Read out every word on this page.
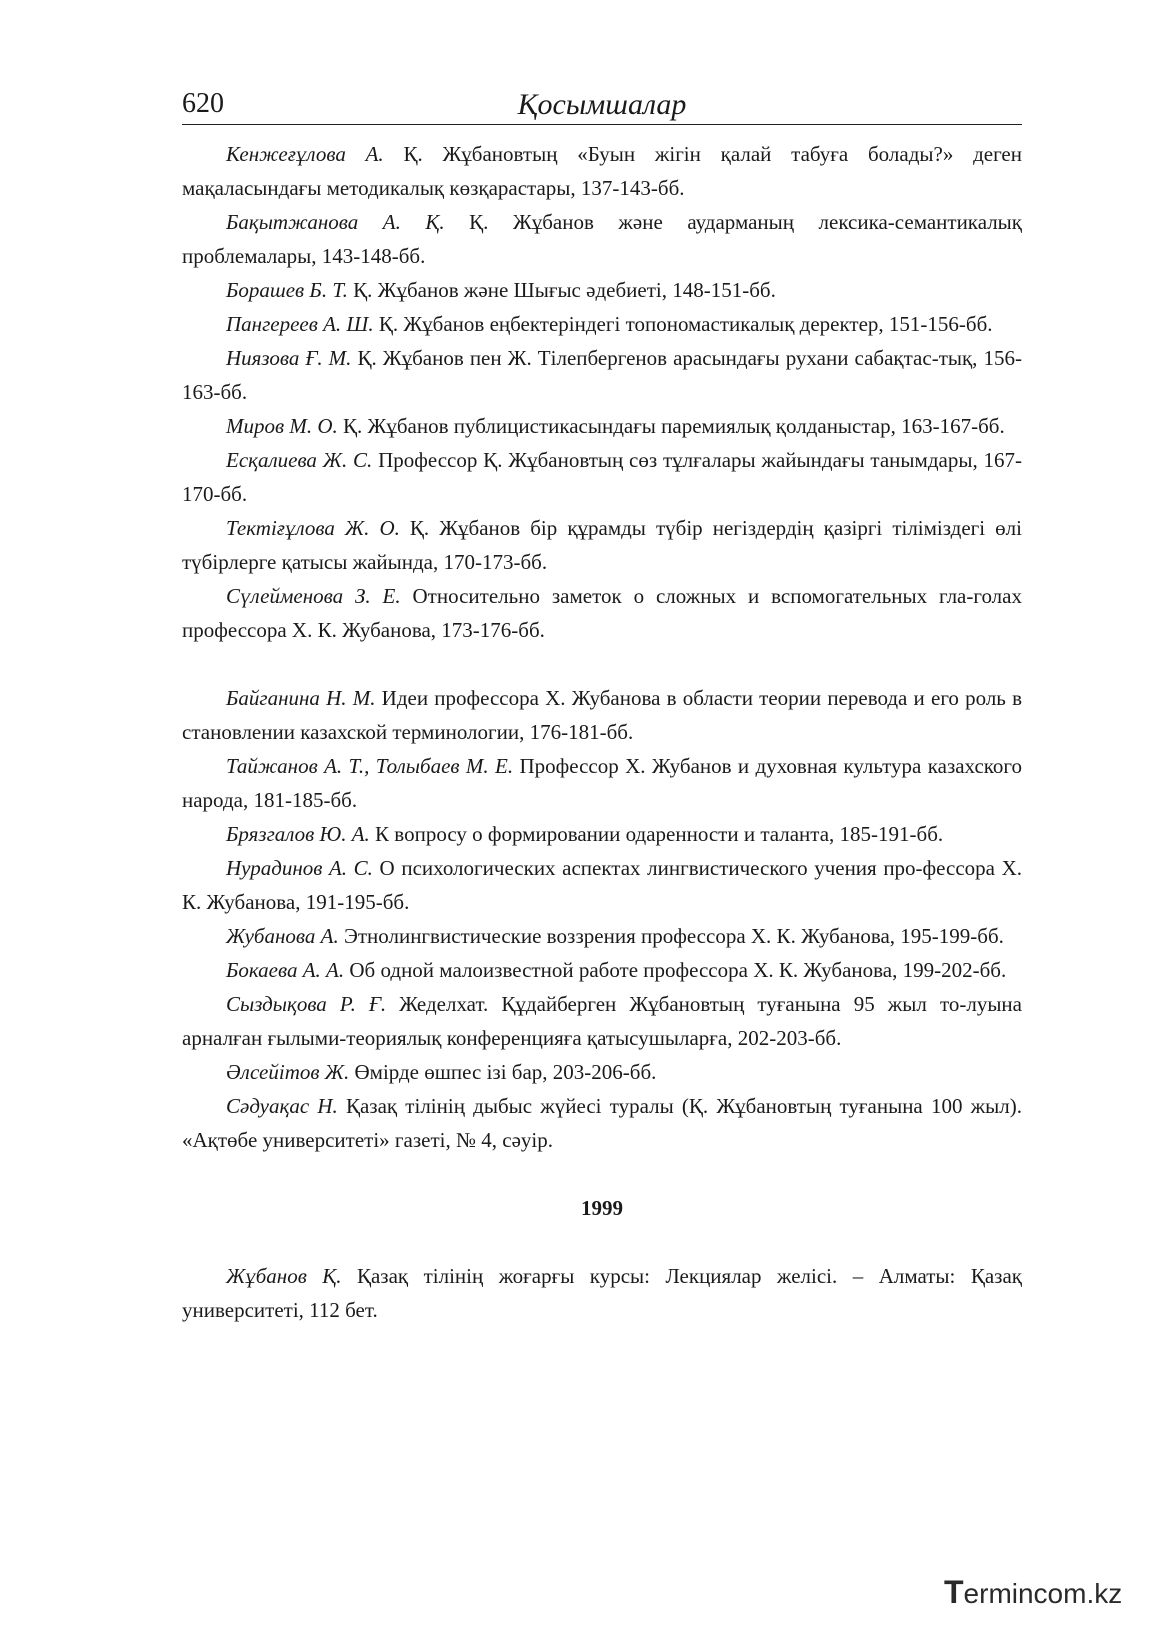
620	Қосымшалар

Кенжеғұлова А. Қ. Жұбановтың «Буын жігін қалай табуға болады?» деген мақаласындағы методикалық көзқарастары, 137-143-бб.

Бақытжанова А. Қ. Қ. Жұбанов және аударманың лексика-семантикалық проблемалары, 143-148-бб.

Борашев Б. Т. Қ. Жұбанов және Шығыс әдебиеті, 148-151-бб.

Пангереев А. Ш. Қ. Жұбанов еңбектеріндегі топономастикалық деректер, 151-156-бб.

Ниязова Ғ. М. Қ. Жұбанов пен Ж. Тілепбергенов арасындағы рухани сабақтас-тық, 156-163-бб.

Миров М. О. Қ. Жұбанов публицистикасындағы паремиялық қолданыстар, 163-167-бб.

Есқалиева Ж. С. Профессор Қ. Жұбановтың сөз тұлғалары жайындағы танымдары, 167-170-бб.

Тектіғұлова Ж. О. Қ. Жұбанов бір құрамды түбір негіздердің қазіргі тіліміздегі өлі түбірлерге қатысы жайында, 170-173-бб.

Сүлейменова З. Е. Относительно заметок о сложных и вспомогательных гла-голах профессора Х. К. Жубанова, 173-176-бб.

Байганина Н. М. Идеи профессора Х. Жубанова в области теории перевода и его роль в становлении казахской терминологии, 176-181-бб.

Тайжанов А. Т., Толыбаев М. Е. Профессор Х. Жубанов и духовная культура казахского народа, 181-185-бб.

Брязгалов Ю. А. К вопросу о формировании одаренности и таланта, 185-191-бб.

Нурадинов А. С. О психологических аспектах лингвистического учения про-фессора Х. К. Жубанова, 191-195-бб.

Жубанова А. Этнолингвистические воззрения профессора Х. К. Жубанова, 195-199-бб.

Бокаева А. А. Об одной малоизвестной работе профессора Х. К. Жубанова, 199-202-бб.

Сыздықова Р. Ғ. Жеделхат. Құдайберген Жұбановтың туғанына 95 жыл то-луына арналған ғылыми-теориялық конференцияға қатысушыларға, 202-203-бб.

Әлсейітов Ж. Өмірде өшпес ізі бар, 203-206-бб.

Сәдуақас Н. Қазақ тілінің дыбыс жүйесі туралы (Қ. Жұбановтың туғанына 100 жыл). «Ақтөбе университеті» газеті, № 4, сәуір.

1999

Жұбанов Қ. Қазақ тілінің жоғарғы курсы: Лекциялар желісі. – Алматы: Қазақ университеті, 112 бет.

Termincom.kz
